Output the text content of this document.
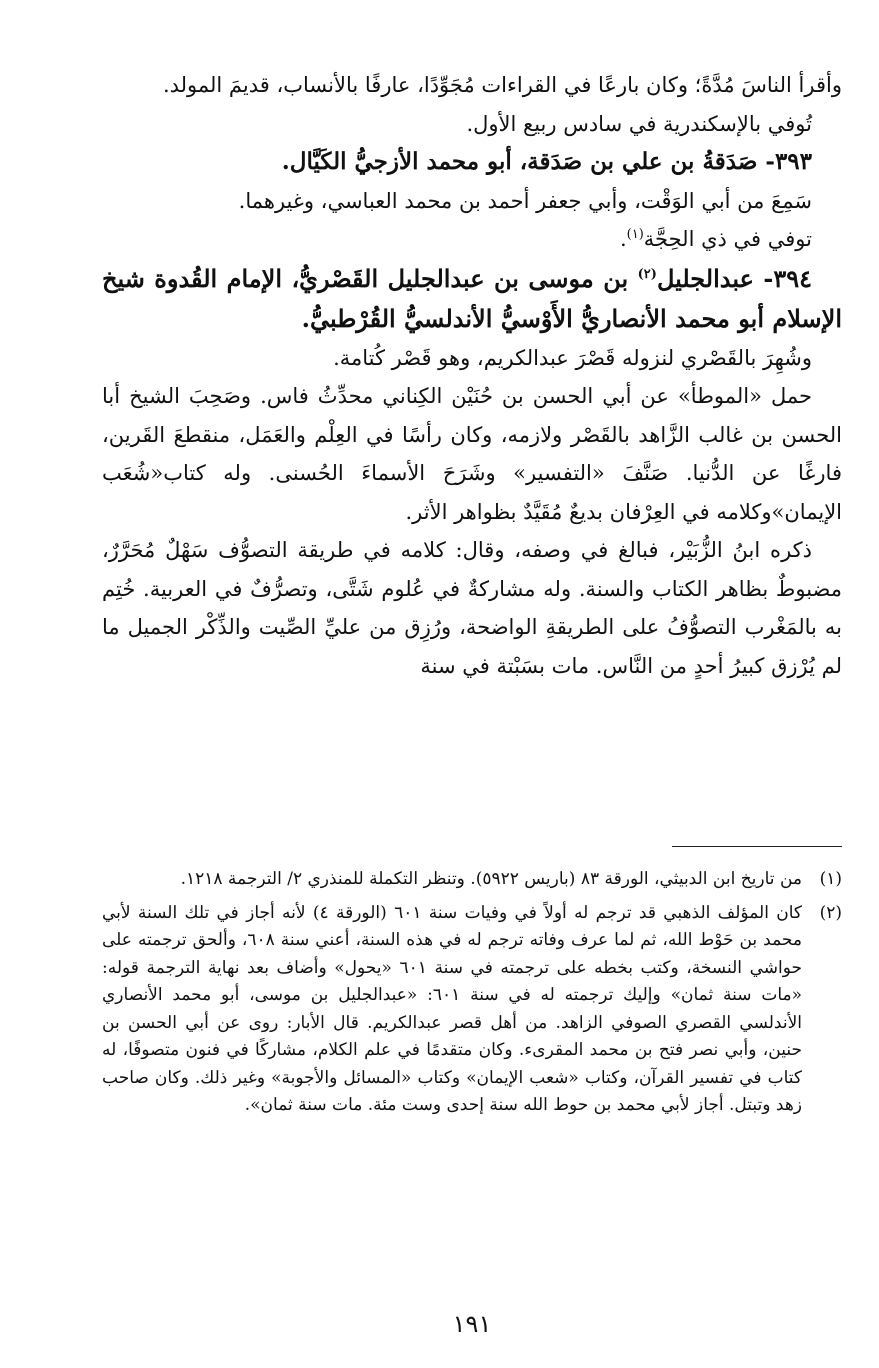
وأقرأ الناسَ مُدَّةً؛ وكان بارعًا في القراءات مُجَوِّدًا، عارفًا بالأنساب، قديمَ المولد.

تُوفي بالإسكندرية في سادس ربيع الأول.

٣٩٣- صَدَقةُ بن علي بن صَدَقة، أبو محمد الأزجيُّ الكَيَّال.

سَمِعَ من أبي الوَقْت، وأبي جعفر أحمد بن محمد العباسي، وغيرهما.

توفي في ذي الحِجَّة$^{(١)}$.

٣٩٤- عبدالجليل$^{(٢)}$ بن موسى بن عبدالجليل القَصْريُّ، الإمام القُدوة شيخ الإسلام أبو محمد الأنصاريُّ الأَوْسيُّ الأندلسيُّ القُرْطبيُّ.

وشُهِرَ بالقَصْري لنزوله قَصْرَ عبدالكريم، وهو قَصْر كُتامة.

حمل «الموطأ» عن أبي الحسن بن حُنَيْن الكِناني محدِّثُ فاس. وصَحِبَ الشيخ أبا الحسن بن غالب الزَّاهد بالقَصْر ولازمه، وكان رأسًا في العِلْم والعَمَل، منقطعَ القَرين، فارغًا عن الدُّنيا. صَنَّفَ «التفسير» وشَرَحَ الأسماءَ الحُسنى. وله كتاب«شُعَب الإيمان»وكلامه في العِرْفان بديعٌ مُقَيَّدٌ بظواهر الأثر.

ذكره ابنُ الزُّبَيْر، فبالغ في وصفه، وقال: كلامه في طريقة التصوُّف سَهْلٌ مُحَرَّرٌ، مضبوطٌ بظاهر الكتاب والسنة. وله مشاركةٌ في عُلوم شَتَّى، وتصرُّفٌ في العربية. خُتِم به بالمَغْرب التصوُّفُ على الطريقةِ الواضحة، ورُزِق من عليِّ الصِّيت والذِّكْر الجميل ما لم يُرْزق كبيرُ أحدٍ من النَّاس. مات بسَبْتة في سنة

(١)
من تاريخ ابن الدبيثي، الورقة ٨٣ (باريس ٥٩٢٢). وتنظر التكملة للمنذري ٢/ الترجمة ١٢١٨.
(٢)
كان المؤلف الذهبي قد ترجم له أولاً في وفيات سنة ٦٠١ (الورقة ٤) لأنه أجاز في تلك السنة لأبي محمد بن حَوْط الله، ثم لما عرف وفاته ترجم له في هذه السنة، أعني سنة ٦٠٨، وألحق ترجمته على حواشي النسخة، وكتب بخطه على ترجمته في سنة ٦٠١ «يحول» وأضاف بعد نهاية الترجمة قوله: «مات سنة ثمان» وإليك ترجمته له في سنة ٦٠١: «عبدالجليل بن موسى، أبو محمد الأنصاري الأندلسي القصري الصوفي الزاهد. من أهل قصر عبدالكريم. قال الأبار: روى عن أبي الحسن بن حنين، وأبي نصر فتح بن محمد المقرىء. وكان متقدمًا في علم الكلام، مشاركًا في فنون متصوفًا، له كتاب في تفسير القرآن، وكتاب «شعب الإيمان» وكتاب «المسائل والأجوبة» وغير ذلك. وكان صاحب زهد وتبتل. أجاز لأبي محمد بن حوط الله سنة إحدى وست مئة. مات سنة ثمان».
١٩١
